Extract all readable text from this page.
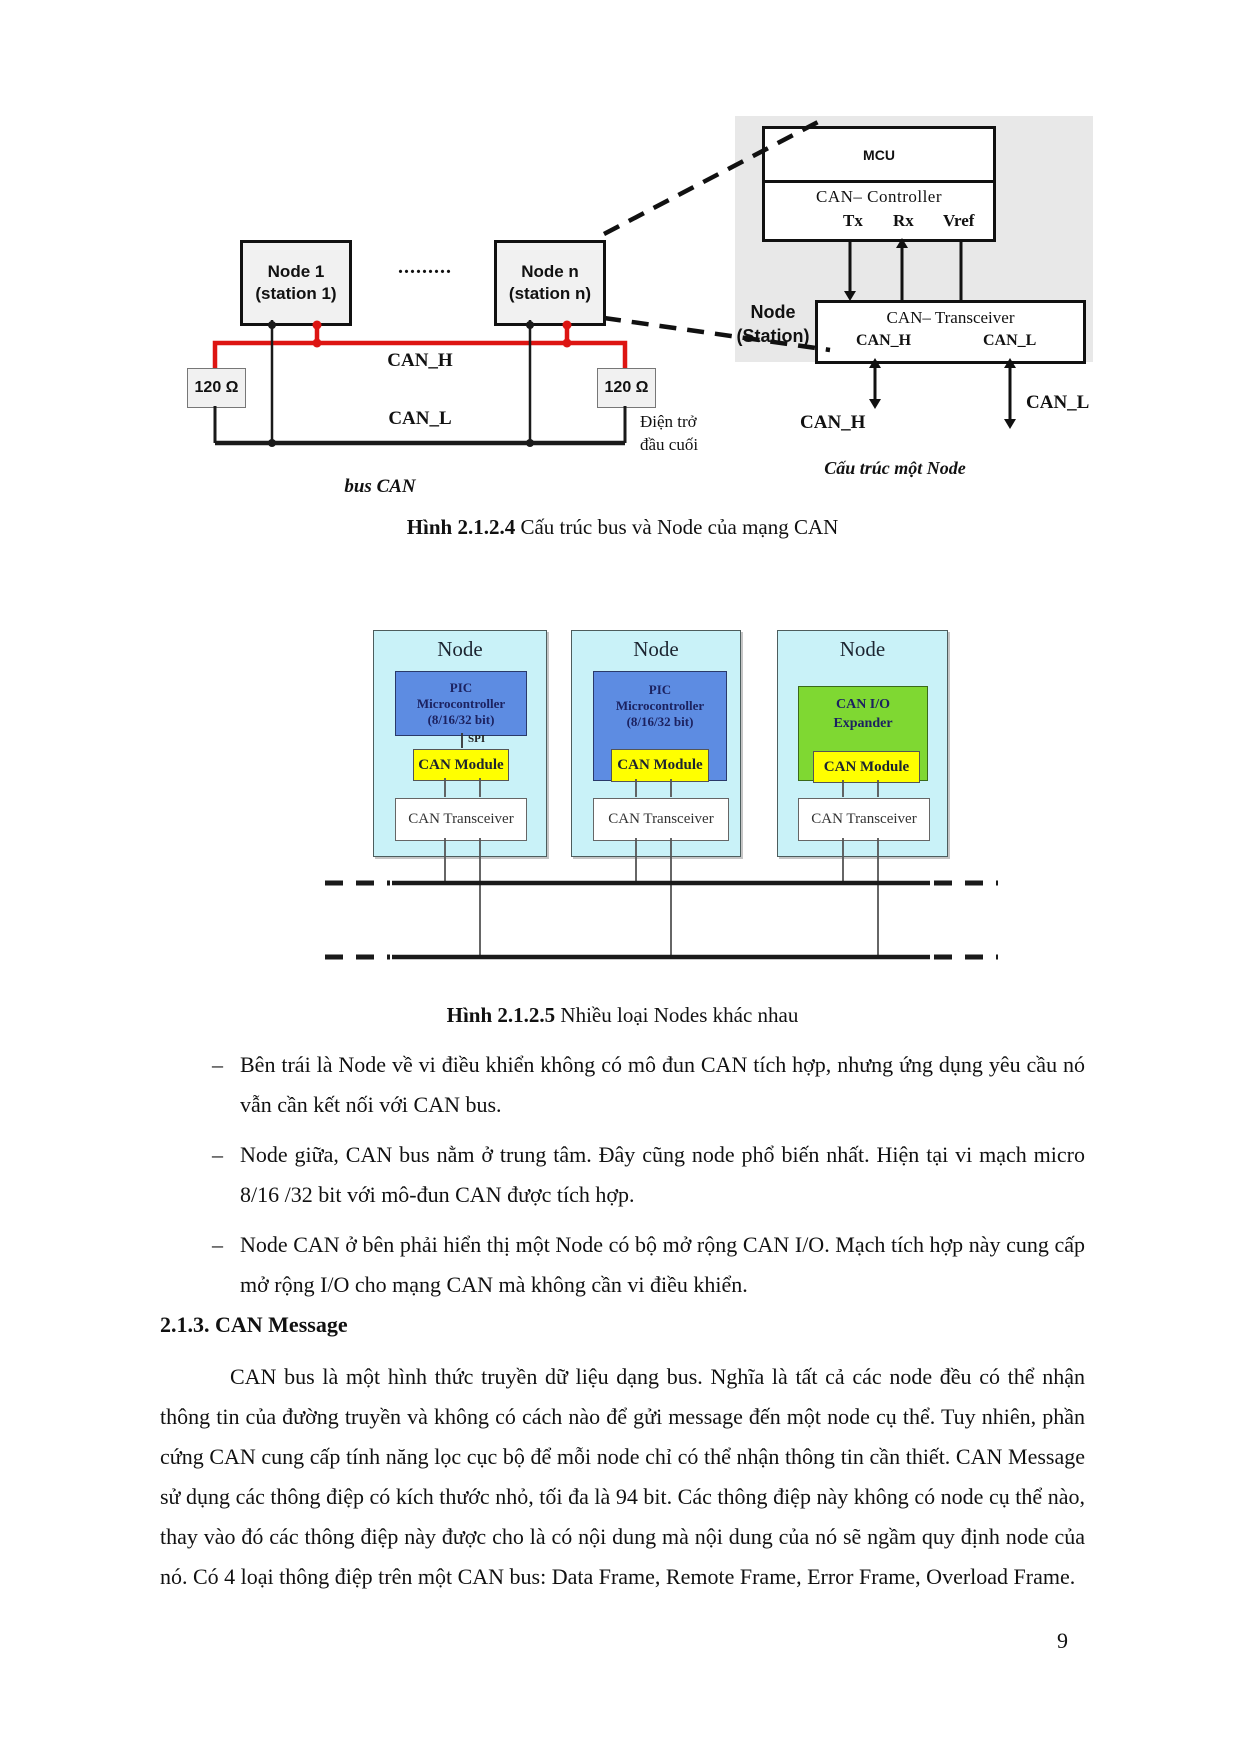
Node 1
(station 1)
.........	Node n
(station n)
120 Ω	120 Ω
CAN_H
CAN_L	Điện trở
đầu cuối
bus CAN
MCU
CAN– Controller
Tx Rx Vref
CAN– Transceiver
CAN_H	CAN_L
Node
(Station)
CAN_H
CAN_L
Cấu trúc một Node
Hình 2.1.2.4 Cấu trúc bus và Node của mạng CAN
Node
PIC
Microcontroller
(8/16/32 bit)
SPI
CAN Module
CAN Transceiver
Node
PIC
Microcontroller
(8/16/32 bit)
CAN Module
CAN Transceiver
Node
CAN I/O
Expander
CAN Module
CAN Transceiver
Hình 2.1.2.5 Nhiều loại Nodes khác nhau
– Bên trái là Node về vi điều khiển không có mô đun CAN tích hợp, nhưng ứng dụng yêu cầu nó vẫn cần kết nối với CAN bus.
– Node giữa, CAN bus nằm ở trung tâm. Đây cũng node phổ biến nhất. Hiện tại vi mạch micro 8/16 /32 bit với mô-đun CAN được tích hợp.
– Node CAN ở bên phải hiển thị một Node có bộ mở rộng CAN I/O. Mạch tích hợp này cung cấp mở rộng I/O cho mạng CAN mà không cần vi điều khiển.
2.1.3. CAN Message
CAN bus là một hình thức truyền dữ liệu dạng bus. Nghĩa là tất cả các node đều có thể nhận thông tin của đường truyền và không có cách nào để gửi message đến một node cụ thể. Tuy nhiên, phần cứng CAN cung cấp tính năng lọc cục bộ để mỗi node chỉ có thể nhận thông tin cần thiết. CAN Message sử dụng các thông điệp có kích thước nhỏ, tối đa là 94 bit. Các thông điệp này không có node cụ thể nào, thay vào đó các thông điệp này được cho là có nội dung mà nội dung của nó sẽ ngầm quy định node của nó. Có 4 loại thông điệp trên một CAN bus: Data Frame, Remote Frame, Error Frame, Overload Frame.
9
